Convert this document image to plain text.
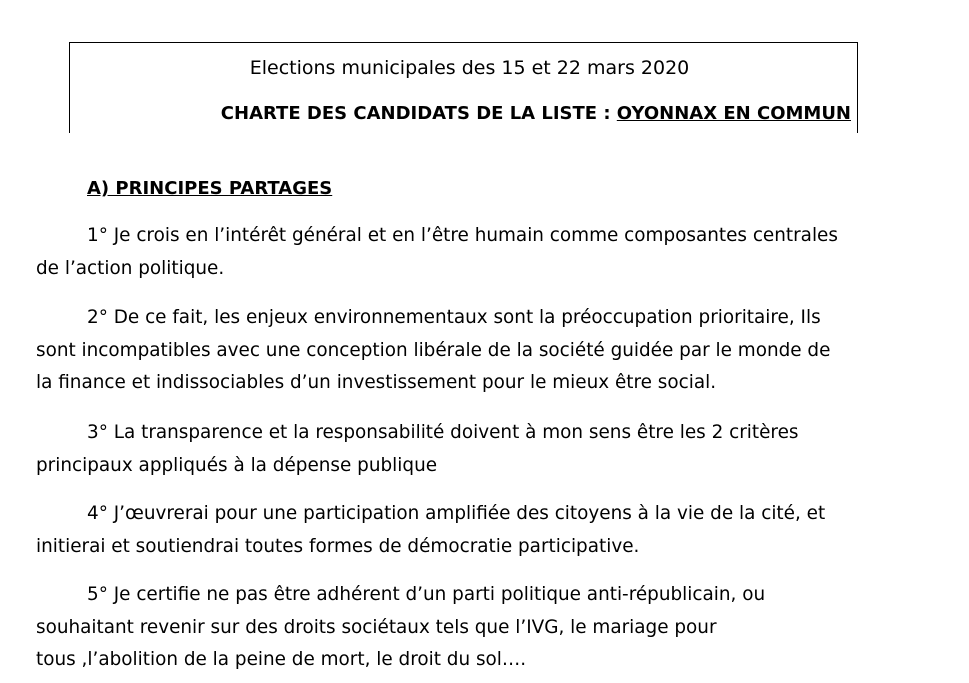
Elections municipales des 15 et 22 mars 2020
CHARTE DES CANDIDATS DE LA LISTE : OYONNAX EN COMMUN
A) PRINCIPES PARTAGES
1° Je crois en l’intérêt général et en l’être humain comme composantes centrales
de l’action politique.
2° De ce fait, les enjeux environnementaux sont la préoccupation prioritaire, Ils
sont incompatibles avec une conception libérale de la société guidée par le monde de
la finance et indissociables d’un investissement pour le mieux être social.
3° La transparence et la responsabilité doivent à mon sens être les 2 critères
principaux appliqués à la dépense publique
4° J’œuvrerai pour une participation amplifiée des citoyens à la vie de la cité, et
initierai et soutiendrai toutes formes de démocratie participative.
5° Je certifie ne pas être adhérent d’un parti politique anti-républicain, ou
souhaitant revenir sur des droits sociétaux tels que l’IVG, le mariage pour
tous ,l’abolition de la peine de mort, le droit du sol….
